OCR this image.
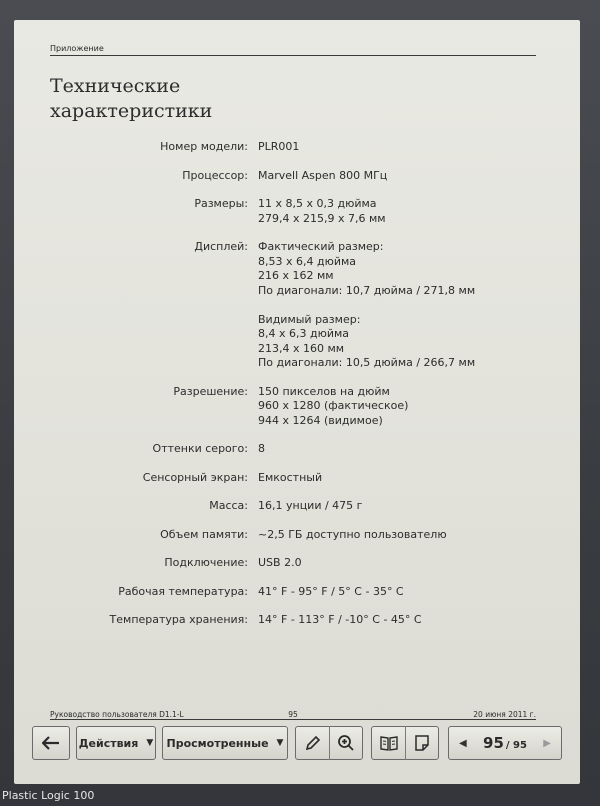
Приложение
Технические
характеристики
Номер модели: PLR001
Процессор: Marvell Aspen 800 МГц
Размеры: 11 x 8,5 x 0,3 дюйма
279,4 x 215,9 x 7,6 мм
Дисплей: Фактический размер:
8,53 x 6,4 дюйма
216 x 162 мм
По диагонали: 10,7 дюйма / 271,8 мм
Видимый размер:
8,4 x 6,3 дюйма
213,4 x 160 мм
По диагонали: 10,5 дюйма / 266,7 мм
Разрешение: 150 пикселов на дюйм
960 x 1280 (фактическое)
944 x 1264 (видимое)
Оттенки серого: 8
Сенсорный экран: Емкостный
Масса: 16,1 унции / 475 г
Объем памяти: ~2,5 ГБ доступно пользователю
Подключение: USB 2.0
Рабочая температура: 41° F - 95° F / 5° C - 35° C
Температура хранения: 14° F - 113° F / -10° C - 45° C
Руководство пользователя D1.1-L	95	20 июня 2011 г.
Действия ▼ Просмотренные ▼	◀ 95 / 95 ▶
Plastic Logic 100
